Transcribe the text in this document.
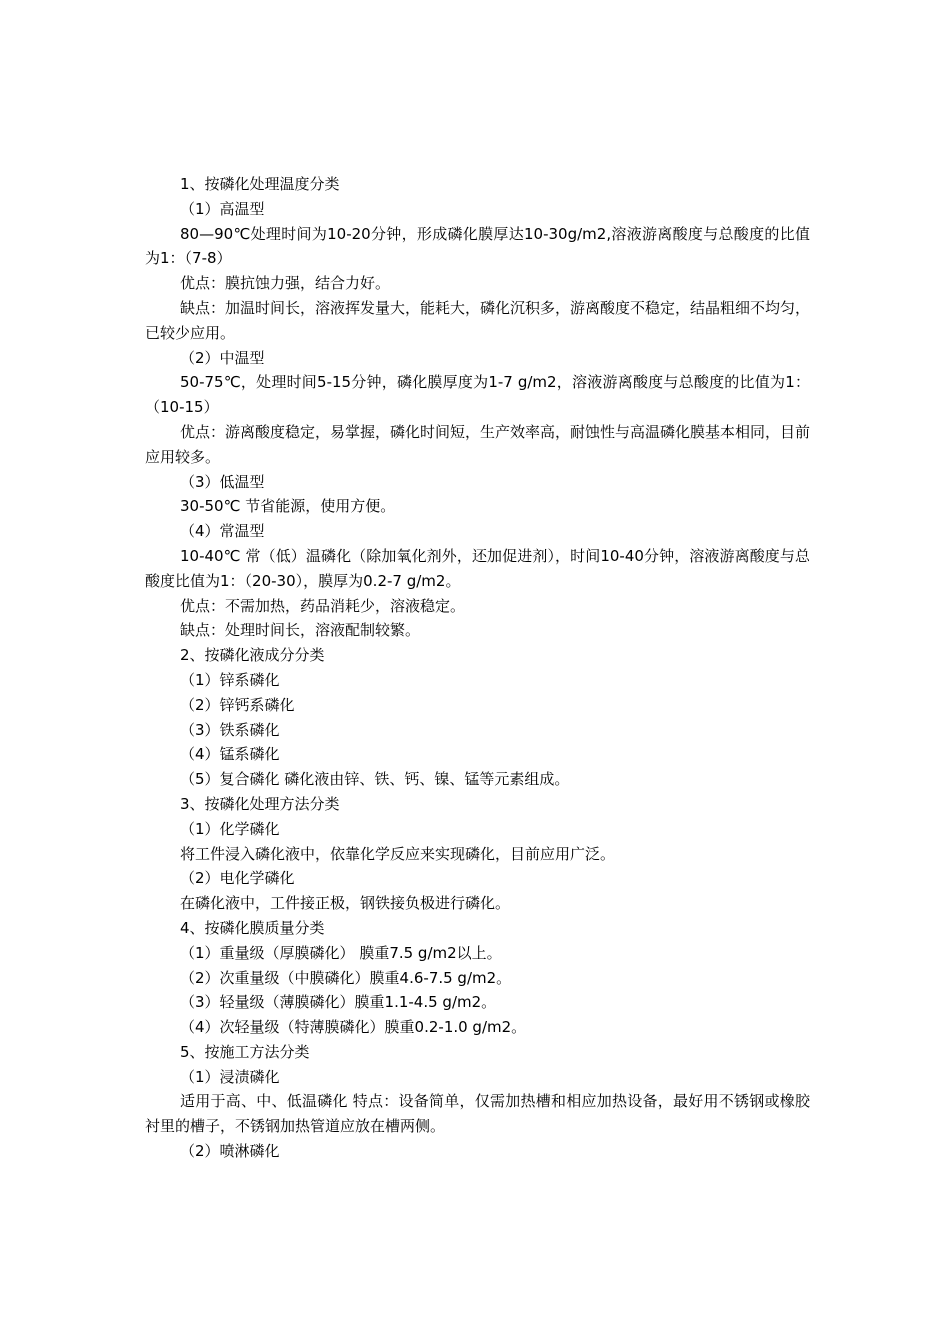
1、按磷化处理温度分类

（1）高温型

80—90℃处理时间为10-20分钟，形成磷化膜厚达10-30g/m2,溶液游离酸度与总酸度的比值为1：（7-8）

优点：膜抗蚀力强，结合力好。

缺点：加温时间长，溶液挥发量大，能耗大，磷化沉积多，游离酸度不稳定，结晶粗细不均匀，已较少应用。

（2）中温型

50-75℃，处理时间5-15分钟，磷化膜厚度为1-7 g/m2，溶液游离酸度与总酸度的比值为1：（10-15）

优点：游离酸度稳定，易掌握，磷化时间短，生产效率高，耐蚀性与高温磷化膜基本相同，目前应用较多。

（3）低温型

30-50℃ 节省能源，使用方便。

（4）常温型

10-40℃ 常（低）温磷化（除加氧化剂外，还加促进剂），时间10-40分钟，溶液游离酸度与总酸度比值为1：（20-30），膜厚为0.2-7 g/m2。

优点：不需加热，药品消耗少，溶液稳定。

缺点：处理时间长，溶液配制较繁。

2、按磷化液成分分类

（1）锌系磷化

（2）锌钙系磷化

（3）铁系磷化

（4）锰系磷化

（5）复合磷化 磷化液由锌、铁、钙、镍、锰等元素组成。

3、按磷化处理方法分类

（1）化学磷化

将工件浸入磷化液中，依靠化学反应来实现磷化，目前应用广泛。

（2）电化学磷化

在磷化液中，工件接正极，钢铁接负极进行磷化。

4、按磷化膜质量分类

（1）重量级（厚膜磷化） 膜重7.5 g/m2以上。

（2）次重量级（中膜磷化）膜重4.6-7.5 g/m2。

（3）轻量级（薄膜磷化）膜重1.1-4.5 g/m2。

（4）次轻量级（特薄膜磷化）膜重0.2-1.0 g/m2。

5、按施工方法分类

（1）浸渍磷化

适用于高、中、低温磷化 特点：设备简单，仅需加热槽和相应加热设备，最好用不锈钢或橡胶衬里的槽子，不锈钢加热管道应放在槽两侧。

（2）喷淋磷化
